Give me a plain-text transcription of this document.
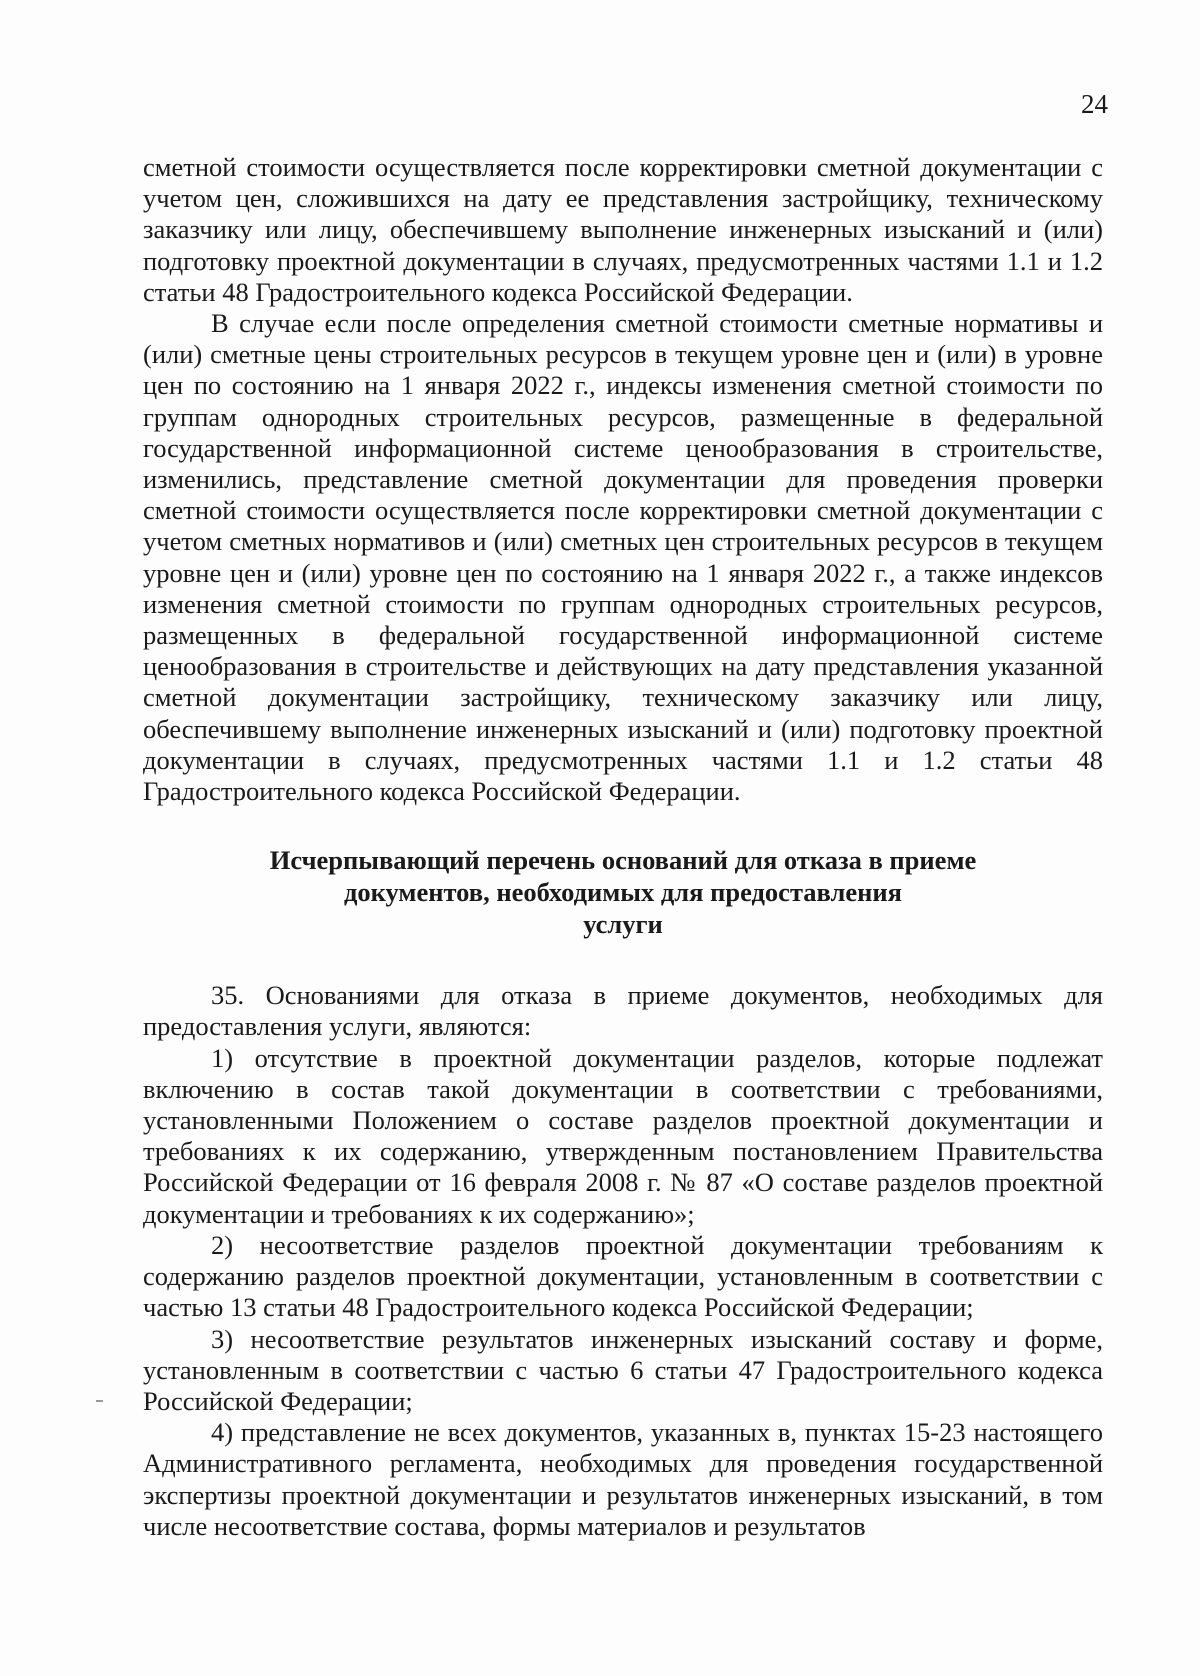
24

сметной стоимости осуществляется после корректировки сметной документации с учетом цен, сложившихся на дату ее представления застройщику, техническому заказчику или лицу, обеспечившему выполнение инженерных изысканий и (или) подготовку проектной документации в случаях, предусмотренных частями 1.1 и 1.2 статьи 48 Градостроительного кодекса Российской Федерации.

В случае если после определения сметной стоимости сметные нормативы и (или) сметные цены строительных ресурсов в текущем уровне цен и (или) в уровне цен по состоянию на 1 января 2022 г., индексы изменения сметной стоимости по группам однородных строительных ресурсов, размещенные в федеральной государственной информационной системе ценообразования в строительстве, изменились, представление сметной документации для проведения проверки сметной стоимости осуществляется после корректировки сметной документации с учетом сметных нормативов и (или) сметных цен строительных ресурсов в текущем уровне цен и (или) уровне цен по состоянию на 1 января 2022 г., а также индексов изменения сметной стоимости по группам однородных строительных ресурсов, размещенных в федеральной государственной информационной системе ценообразования в строительстве и действующих на дату представления указанной сметной документации застройщику, техническому заказчику или лицу, обеспечившему выполнение инженерных изысканий и (или) подготовку проектной документации в случаях, предусмотренных частями 1.1 и 1.2 статьи 48 Градостроительного кодекса Российской Федерации.

Исчерпывающий перечень оснований для отказа в приеме
документов, необходимых для предоставления
услуги

35. Основаниями для отказа в приеме документов, необходимых для предоставления услуги, являются:

1) отсутствие в проектной документации разделов, которые подлежат включению в состав такой документации в соответствии с требованиями, установленными Положением о составе разделов проектной документации и требованиях к их содержанию, утвержденным постановлением Правительства Российской Федерации от 16 февраля 2008 г. № 87 «О составе разделов проектной документации и требованиях к их содержанию»;

2) несоответствие разделов проектной документации требованиям к содержанию разделов проектной документации, установленным в соответствии с частью 13 статьи 48 Градостроительного кодекса Российской Федерации;

3) несоответствие результатов инженерных изысканий составу и форме, установленным в соответствии с частью 6 статьи 47 Градостроительного кодекса Российской Федерации;

4) представление не всех документов, указанных в, пунктах 15-23 настоящего Административного регламента, необходимых для проведения государственной экспертизы проектной документации и результатов инженерных изысканий, в том числе несоответствие состава, формы материалов и результатов
